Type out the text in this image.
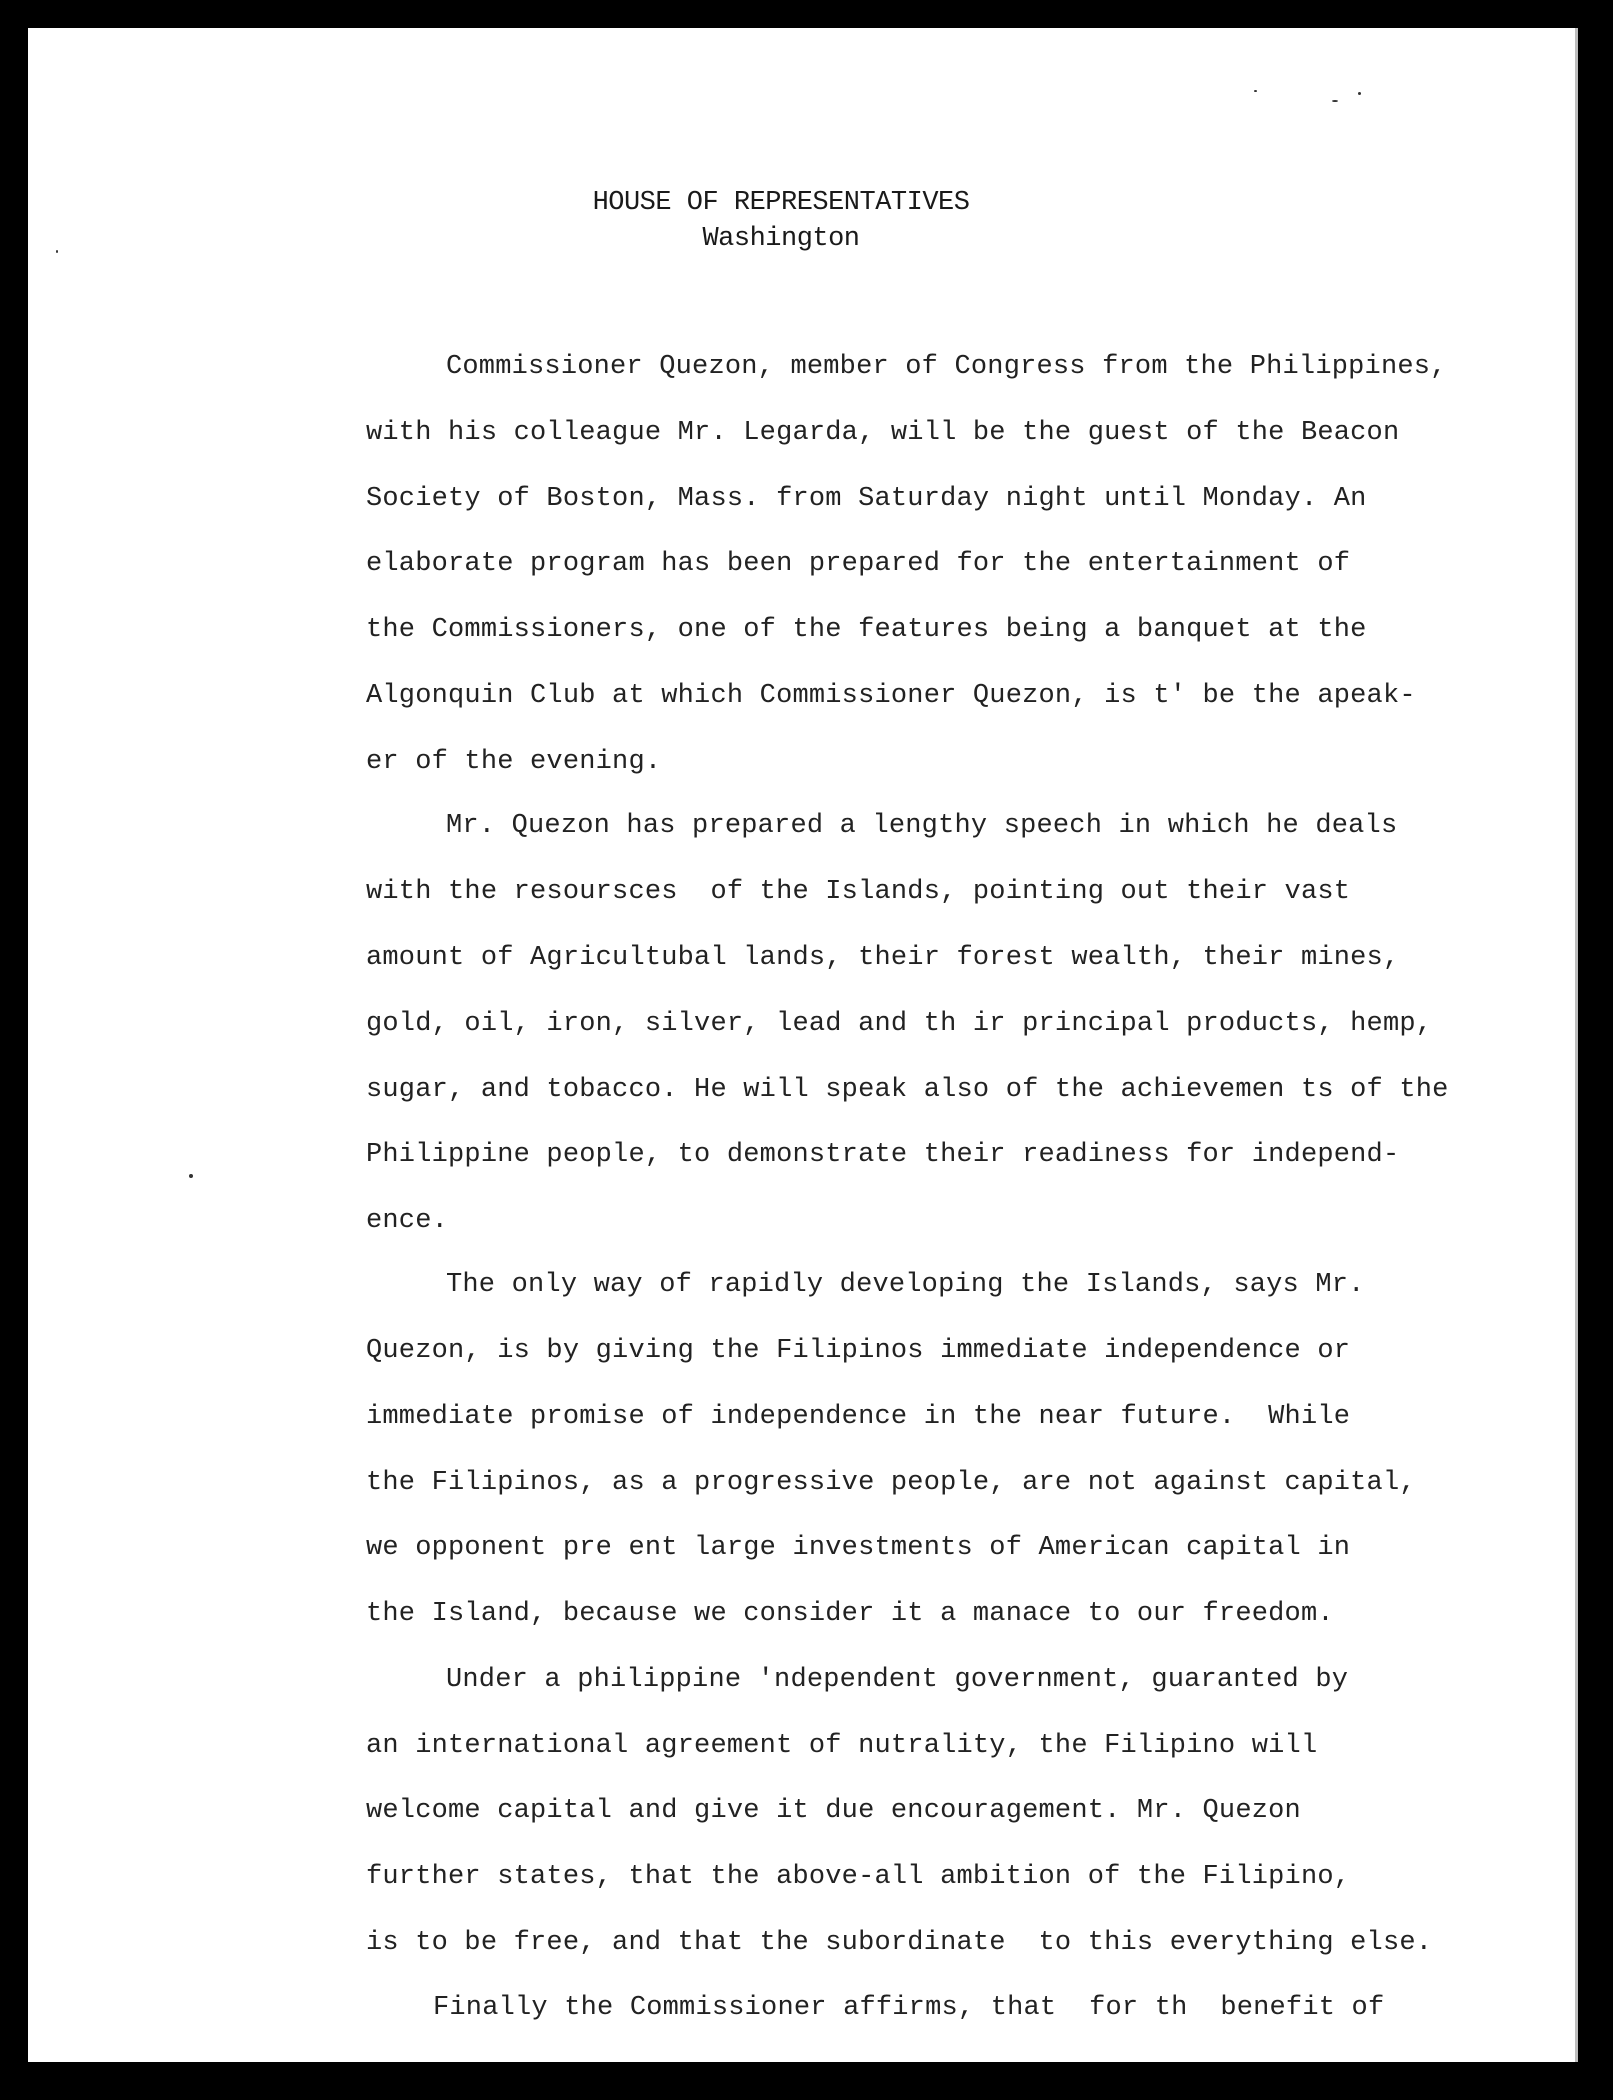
HOUSE OF REPRESENTATIVES
Washington
Commissioner Quezon, member of Congress from the Philippines,
with his colleague Mr. Legarda, will be the guest of the Beacon
Society of Boston, Mass. from Saturday night until Monday. An
elaborate program has been prepared for the entertainment of
the Commissioners, one of the features being a banquet at the
Algonquin Club at which Commissioner Quezon, is t' be the apeak-
er of the evening.
Mr. Quezon has prepared a lengthy speech in which he deals
with the resoursces  of the Islands, pointing out their vast
amount of Agricultubal lands, their forest wealth, their mines,
gold, oil, iron, silver, lead and th ir principal products, hemp,
sugar, and tobacco. He will speak also of the achievemen ts of the
Philippine people, to demonstrate their readiness for independ-
ence.
The only way of rapidly developing the Islands, says Mr.
Quezon, is by giving the Filipinos immediate independence or
immediate promise of independence in the near future.  While
the Filipinos, as a progressive people, are not against capital,
we opponent pre ent large investments of American capital in
the Island, because we consider it a manace to our freedom.
Under a philippine 'ndependent government, guaranted by
an international agreement of nutrality, the Filipino will
welcome capital and give it due encouragement. Mr. Quezon
further states, that the above-all ambition of the Filipino,
is to be free, and that the subordinate  to this everything else.
Finally the Commissioner affirms, that  for th  benefit of
